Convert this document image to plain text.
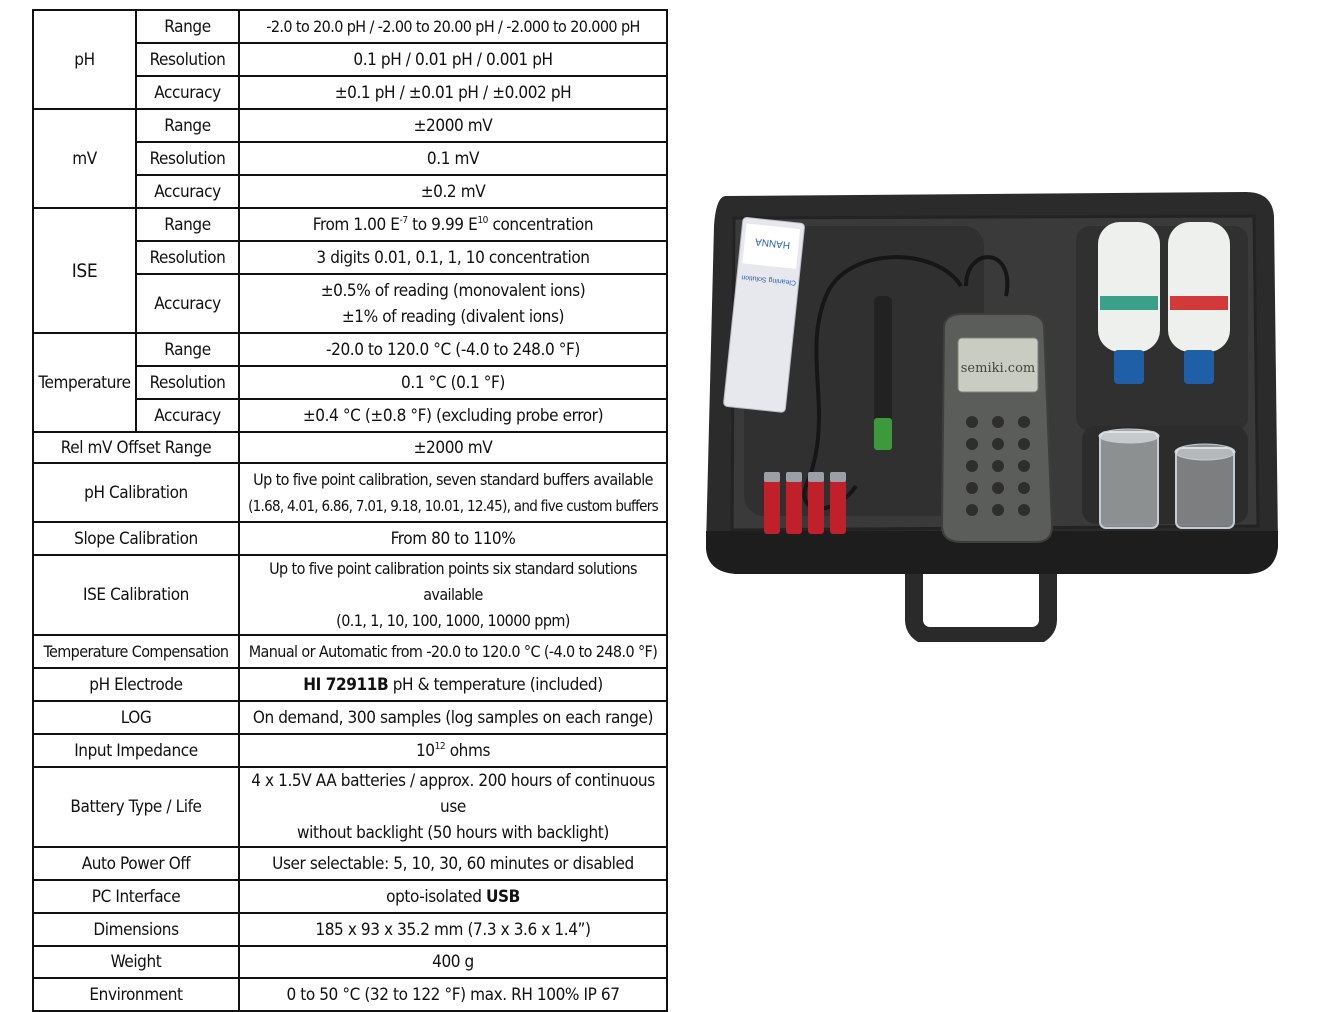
pH	Range	-2.0 to 20.0 pH / -2.00 to 20.00 pH / -2.000 to 20.000 pH
	Resolution	0.1 pH / 0.01 pH / 0.001 pH
	Accuracy	±0.1 pH / ±0.01 pH / ±0.002 pH
mV	Range	±2000 mV
	Resolution	0.1 mV
	Accuracy	±0.2 mV
ISE	Range	From 1.00 $E^{-7}$ to 9.99 $E^{10}$ concentration
	Resolution	3 digits 0.01, 0.1, 1, 10 concentration
	Accuracy	±0.5% of reading (monovalent ions)
±1% of reading (divalent ions)

Temperature	Range	-20.0 to 120.0 °C (-4.0 to 248.0 °F)
	Resolution	0.1 °C (0.1 °F)
	Accuracy	±0.4 °C (±0.8 °F) (excluding probe error)
Rel mV Offset Range		±2000 mV
pH Calibration		Up to five point calibration, seven standard buffers available
(1.68, 4.01, 6.86, 7.01, 9.18, 10.01, 12.45), and five custom buffers

Slope Calibration		From 80 to 110%
ISE Calibration		Up to five point calibration points six standard solutions available
(0.1, 1, 10, 100, 1000, 10000 ppm)

Temperature Compensation		Manual or Automatic from -20.0 to 120.0 °C (-4.0 to 248.0 °F)
pH Electrode		HI 72911B pH & temperature (included)
LOG		On demand, 300 samples (log samples on each range)
Input Impedance		$10^{12}$ ohms
Battery Type / Life		4 x 1.5V AA batteries / approx. 200 hours of continuous use
without backlight (50 hours with backlight)

Auto Power Off		User selectable: 5, 10, 30, 60 minutes or disabled
PC Interface		opto-isolated USB
Dimensions		185 x 93 x 35.2 mm (7.3 x 3.6 x 1.4”)
Weight		400 g
Environment		0 to 50 °C (32 to 122 °F) max. RH 100% IP 67
HANNA
Cleaning Solution
semiki.com
